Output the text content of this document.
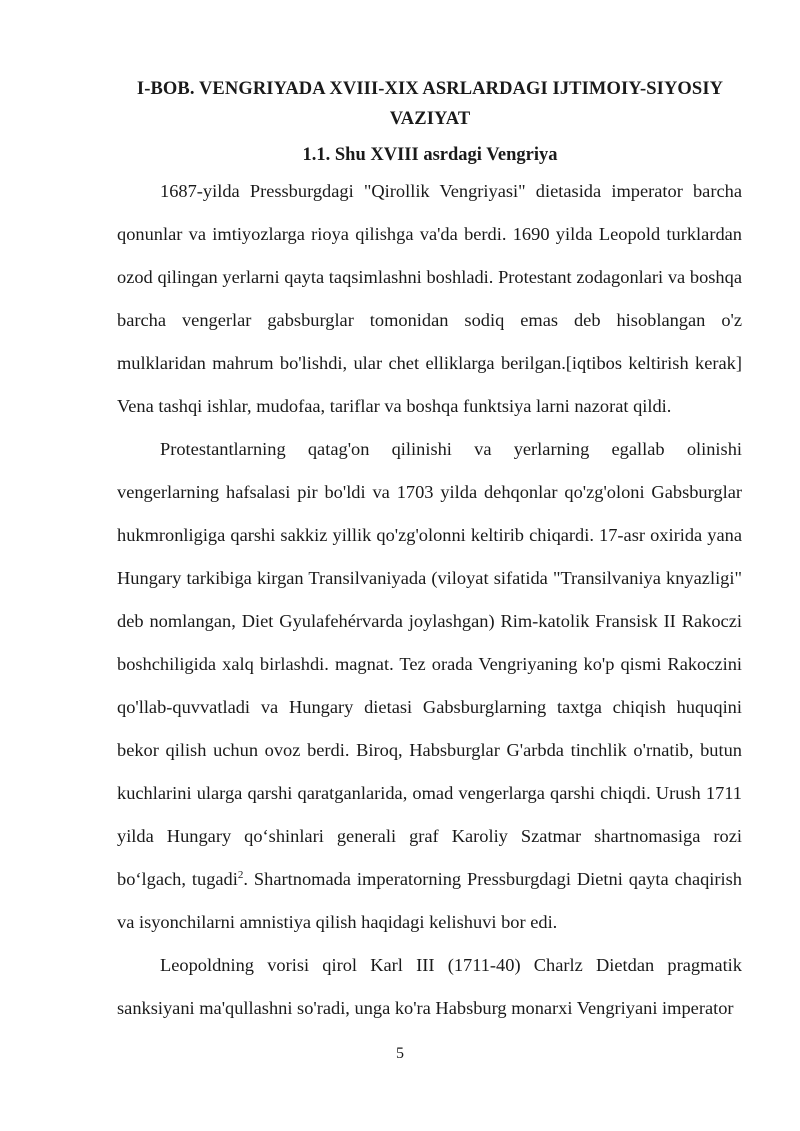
I-BOB. VENGRIYADA XVIII-XIX ASRLARDAGI IJTIMOIY-SIYOSIY VAZIYAT
1.1. Shu XVIII asrdagi Vengriya

1687-yilda Pressburgdagi "Qirollik Vengriyasi" dietasida imperator barcha qonunlar va imtiyozlarga rioya qilishga va'da berdi. 1690 yilda Leopold turklardan ozod qilingan yerlarni qayta taqsimlashni boshladi. Protestant zodagonlari va boshqa barcha vengerlar gabsburglar tomonidan sodiq emas deb hisoblangan o'z mulklaridan mahrum bo'lishdi, ular chet elliklarga berilgan.[iqtibos keltirish kerak] Vena tashqi ishlar, mudofaa, tariflar va boshqa funktsiya larni nazorat qildi.

Protestantlarning qatag'on qilinishi va yerlarning egallab olinishi vengerlarning hafsalasi pir bo'ldi va 1703 yilda dehqonlar qo'zg'oloni Gabsburglar hukmronligiga qarshi sakkiz yillik qo'zg'olonni keltirib chiqardi. 17-asr oxirida yana Hungary tarkibiga kirgan Transilvaniyada (viloyat sifatida "Transilvaniya knyazligi" deb nomlangan, Diet Gyulafehérvarda joylashgan) Rim-katolik Fransisk II Rakoczi boshchiligida xalq birlashdi. magnat. Tez orada Vengriyaning ko'p qismi Rakoczini qo'llab-quvvatladi va Hungary dietasi Gabsburglarning taxtga chiqish huquqini bekor qilish uchun ovoz berdi. Biroq, Habsburglar G'arbda tinchlik o'rnatib, butun kuchlarini ularga qarshi qaratganlarida, omad vengerlarga qarshi chiqdi. Urush 1711 yilda Hungary qo‘shinlari generali graf Karoliy Szatmar shartnomasiga rozi bo‘lgach, tugadi$^2$. Shartnomada imperatorning Pressburgdagi Dietni qayta chaqirish va isyonchilarni amnistiya qilish haqidagi kelishuvi bor edi.

Leopoldning vorisi qirol Karl III (1711-40) Charlz Dietdan pragmatik sanksiyani ma'qullashni so'radi, unga ko'ra Habsburg monarxi Vengriyani imperator

5
